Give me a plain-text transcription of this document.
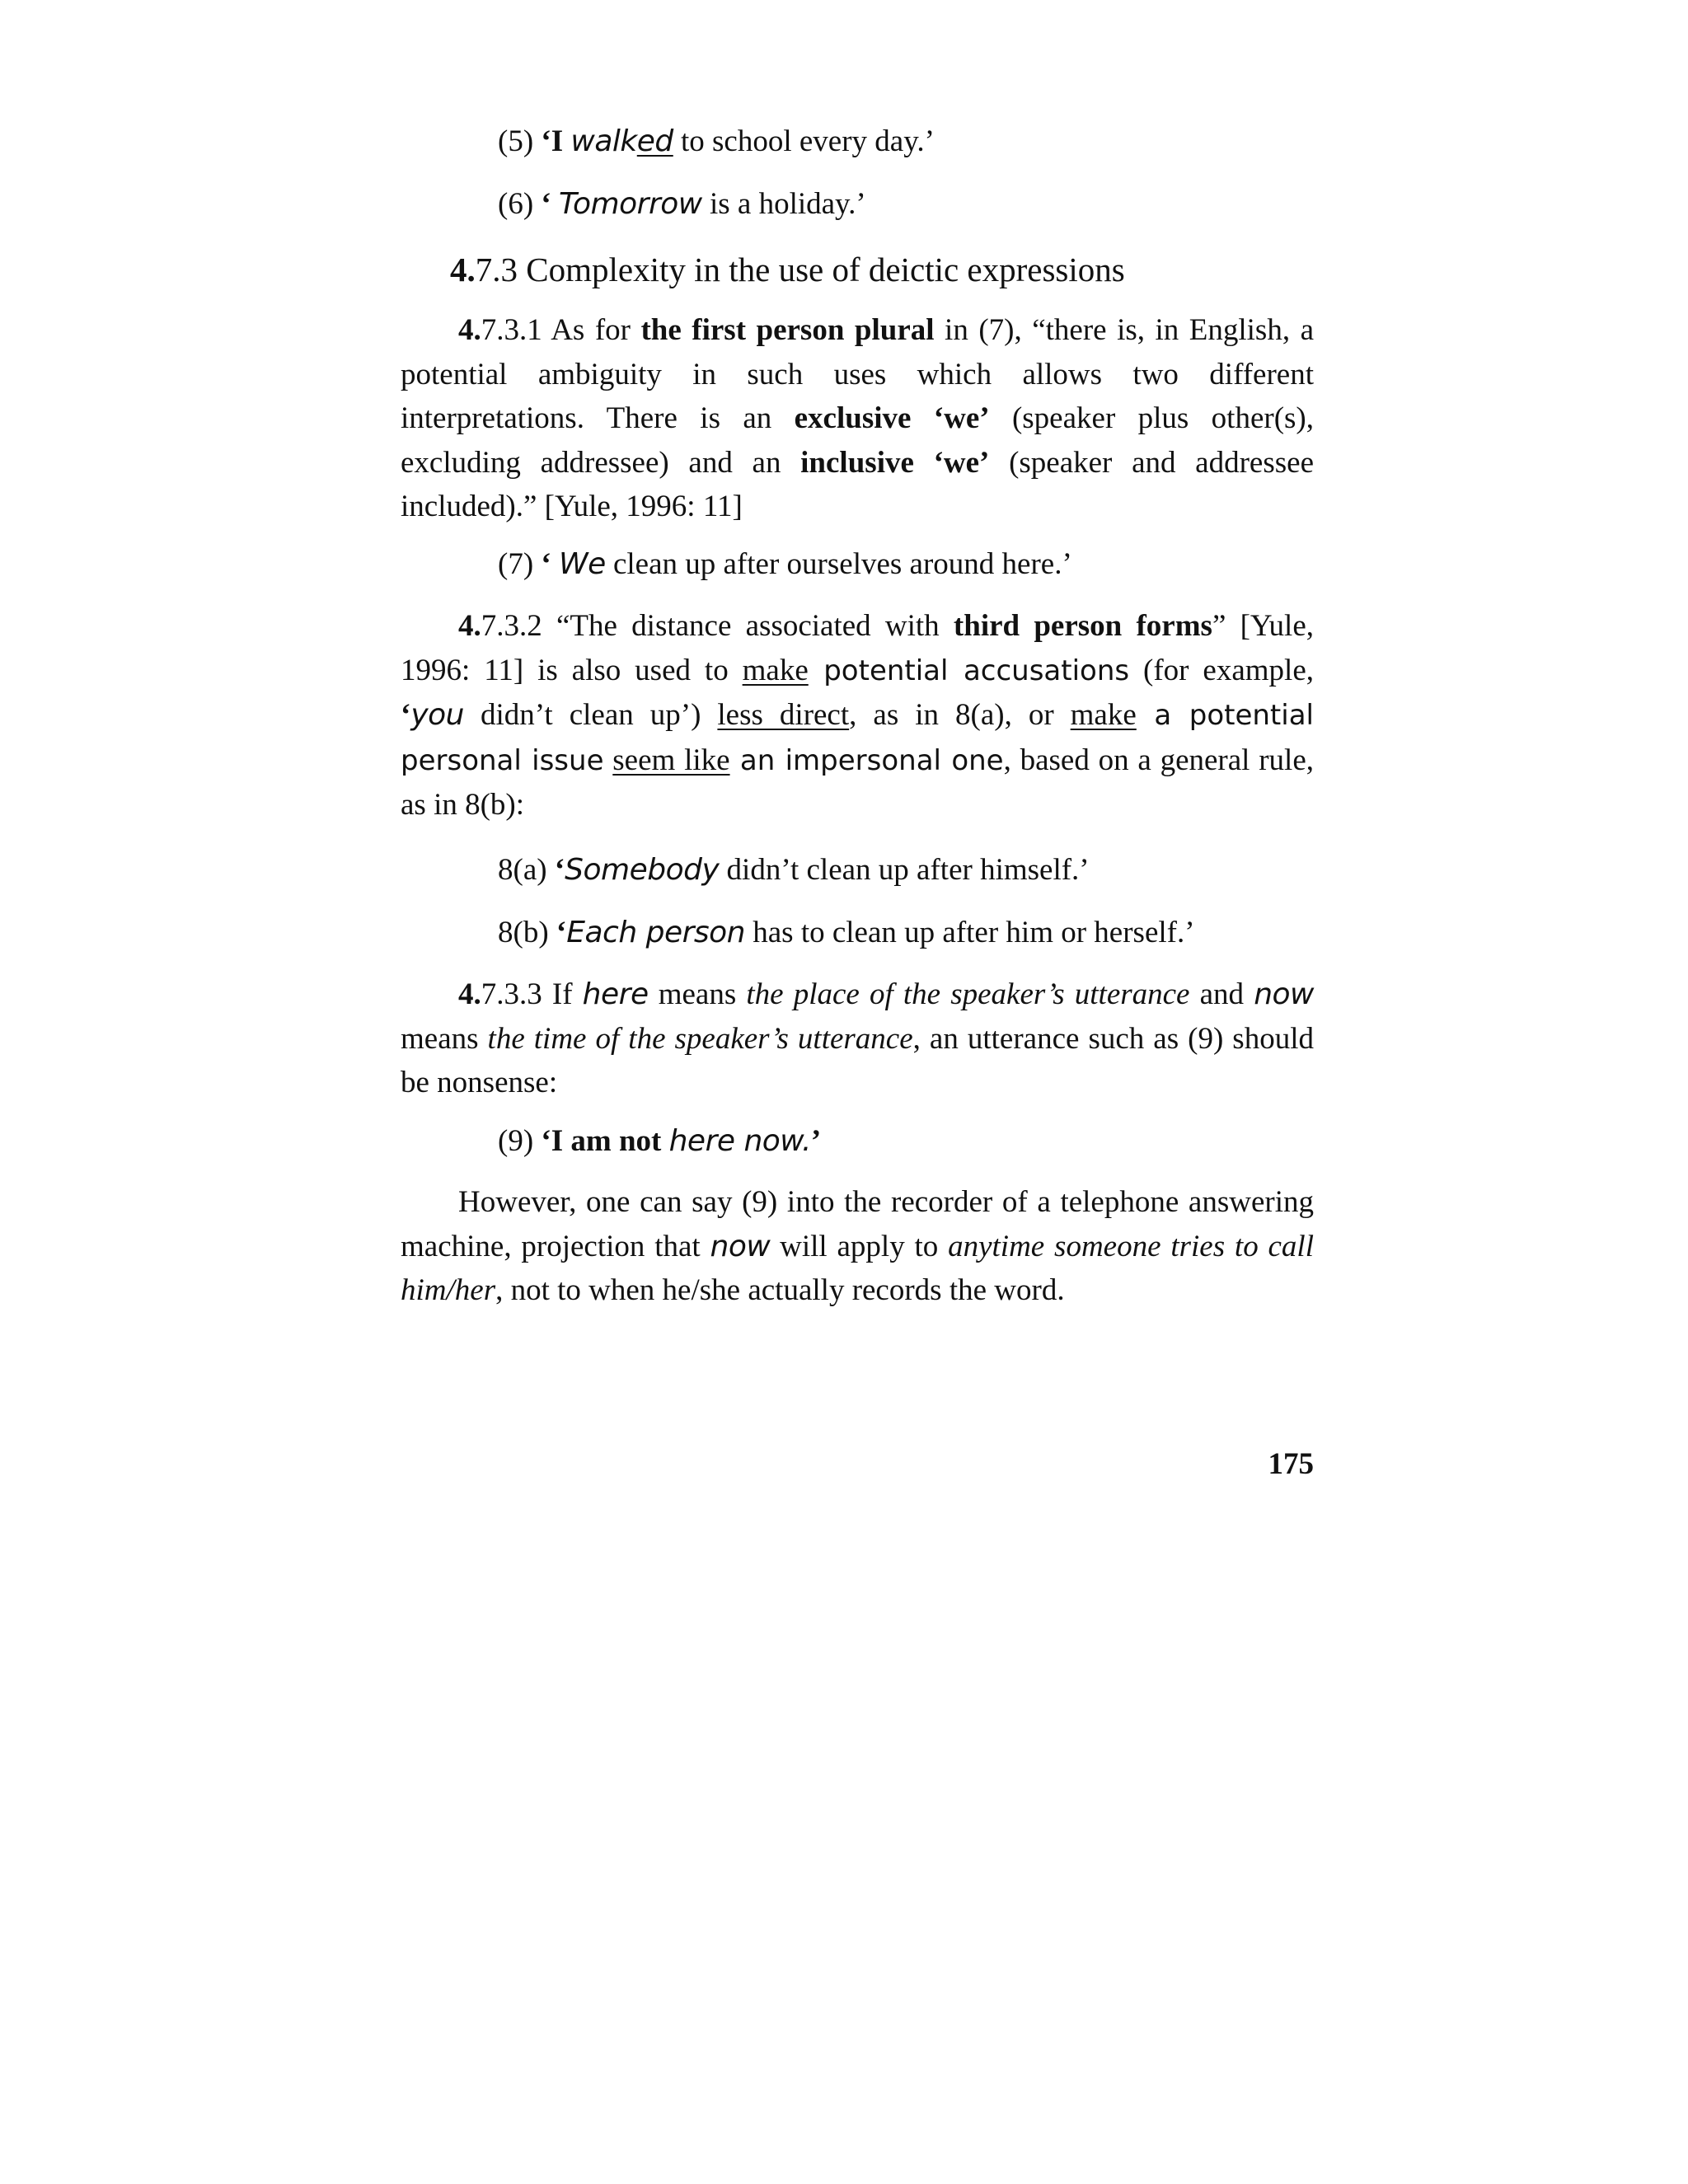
(5) ‘I walked to school every day.’
(6) ‘ Tomorrow is a holiday.’
4.7.3 Complexity in the use of deictic expressions
4.7.3.1 As for the first person plural in (7), “there is, in English, a potential ambiguity in such uses which allows two different interpretations. There is an exclusive ‘we’ (speaker plus other(s), excluding addressee) and an inclusive ‘we’ (speaker and addressee included).” [Yule, 1996: 11]
(7) ‘ We clean up after ourselves around here.’
4.7.3.2 “The distance associated with third person forms” [Yule, 1996: 11] is also used to make potential accusations (for example, ‘you didn’t clean up’) less direct, as in 8(a), or make a potential personal issue seem like an impersonal one, based on a general rule, as in 8(b):
8(a) ‘Somebody didn’t clean up after himself.’
8(b) ‘Each person has to clean up after him or herself.’
4.7.3.3 If here means the place of the speaker’s utterance and now means the time of the speaker’s utterance, an utterance such as (9) should be nonsense:
(9) ‘I am not here now.’
However, one can say (9) into the recorder of a telephone answering machine, projection that now will apply to anytime someone tries to call him/her, not to when he/she actually records the word.
175
